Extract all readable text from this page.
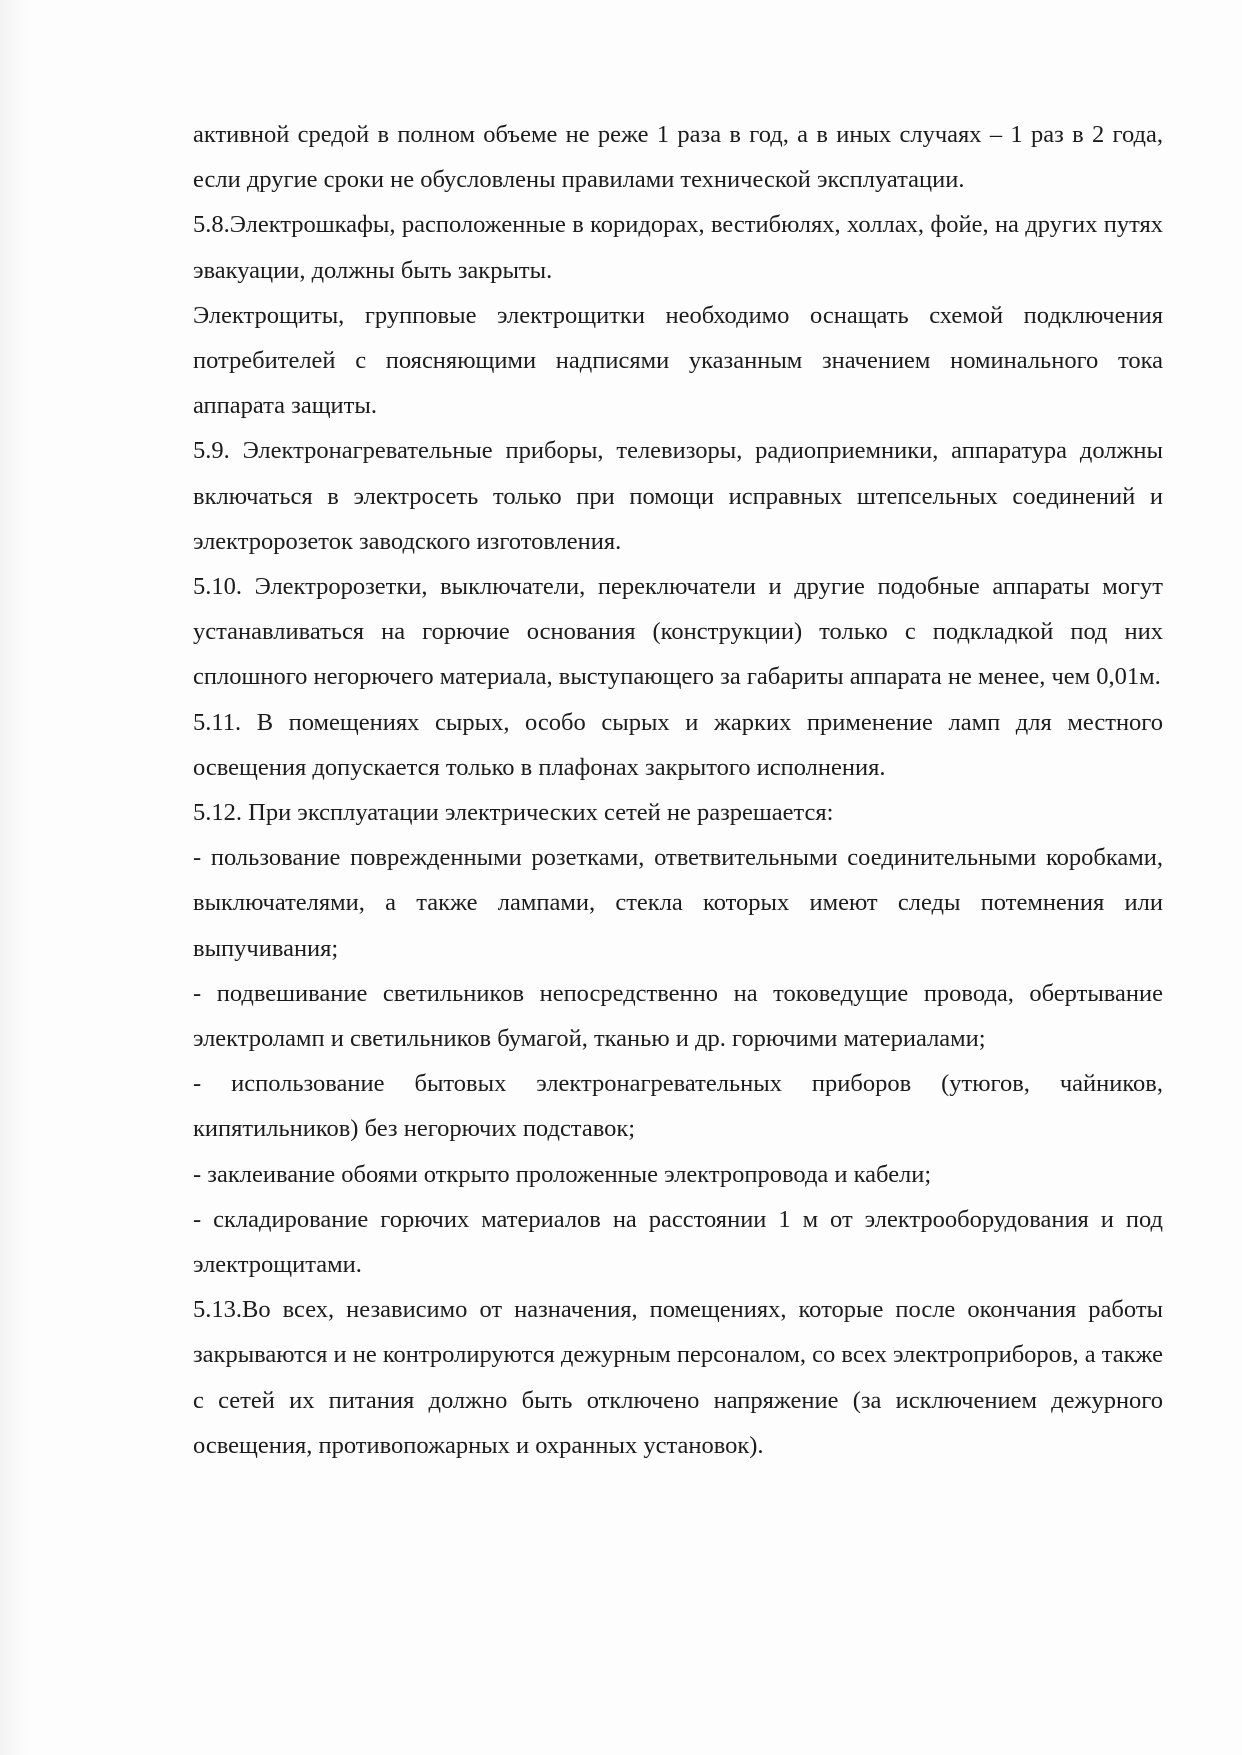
активной средой в полном объеме не реже 1 раза в год, а в иных случаях – 1 раз в 2 года, если другие сроки не обусловлены правилами технической эксплуатации.

5.8.Электрошкафы, расположенные в коридорах, вестибюлях, холлах, фойе, на других путях эвакуации, должны быть закрыты.

Электрощиты, групповые электрощитки необходимо оснащать схемой подключения потребителей с поясняющими надписями указанным значением номинального тока аппарата защиты.

5.9. Электронагревательные приборы, телевизоры, радиоприемники, аппаратура должны включаться в электросеть только при помощи исправных штепсельных соединений и электророзеток заводского изготовления.

5.10. Электророзетки, выключатели, переключатели и другие подобные аппараты могут устанавливаться на горючие основания (конструкции) только с подкладкой под них сплошного негорючего материала, выступающего за габариты аппарата не менее, чем 0,01м.

5.11. В помещениях сырых, особо сырых и жарких применение ламп для местного освещения допускается только в плафонах закрытого исполнения.

5.12. При эксплуатации электрических сетей не разрешается:

- пользование поврежденными розетками, ответвительными соединительными коробками, выключателями, а также лампами, стекла которых имеют следы потемнения или выпучивания;

- подвешивание светильников непосредственно на токоведущие провода, обертывание электроламп и светильников бумагой, тканью и др. горючими материалами;

- использование бытовых электронагревательных приборов (утюгов, чайников, кипятильников) без негорючих подставок;

- заклеивание обоями открыто проложенные электропровода и кабели;

- складирование горючих материалов на расстоянии 1 м от электрооборудования и под электрощитами.

5.13.Во всех, независимо от назначения, помещениях, которые после окончания работы закрываются и не контролируются дежурным персоналом, со всех электроприборов, а также с сетей их питания должно быть отключено напряжение (за исключением дежурного освещения, противопожарных и охранных установок).
